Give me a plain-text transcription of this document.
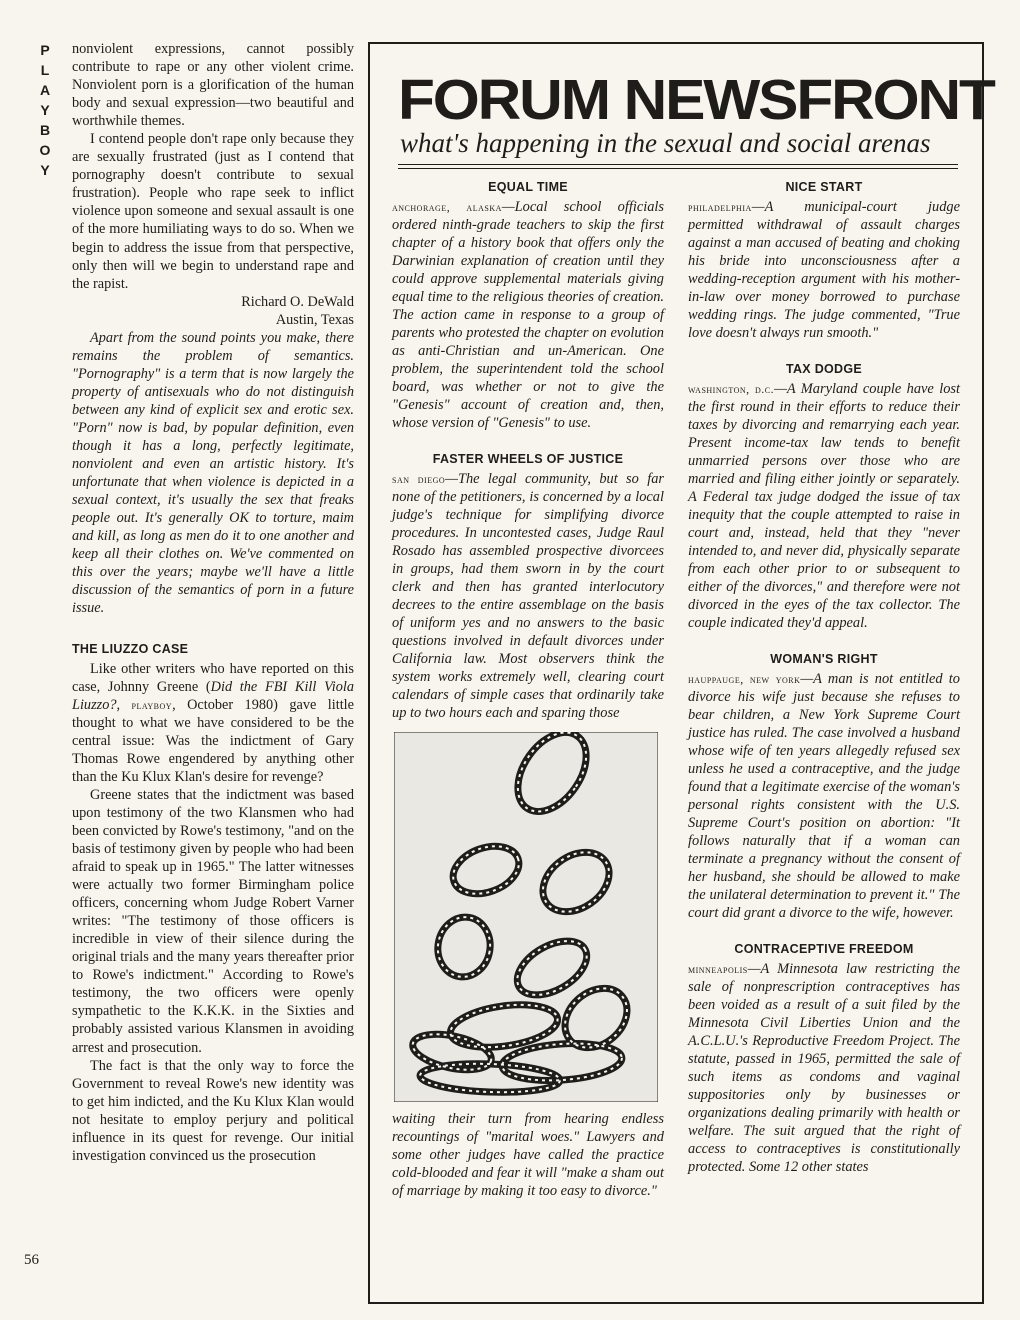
P
L
A
Y
B
O
Y
56

nonviolent expressions, cannot possibly contribute to rape or any other violent crime. Nonviolent porn is a glorification of the human body and sexual expression—two beautiful and worthwhile themes.

I contend people don't rape only because they are sexually frustrated (just as I contend that pornography doesn't contribute to sexual frustration). People who rape seek to inflict violence upon someone and sexual assault is one of the more humiliating ways to do so. When we begin to address the issue from that perspective, only then will we begin to understand rape and the rapist.

Richard O. DeWald

Austin, Texas

Apart from the sound points you make, there remains the problem of semantics. "Pornography" is a term that is now largely the property of antisexuals who do not distinguish between any kind of explicit sex and erotic sex. "Porn" now is bad, by popular definition, even though it has a long, perfectly legitimate, nonviolent and even an artistic history. It's unfortunate that when violence is depicted in a sexual context, it's usually the sex that freaks people out. It's generally OK to torture, maim and kill, as long as men do it to one another and keep all their clothes on. We've commented on this over the years; maybe we'll have a little discussion of the semantics of porn in a future issue.

THE LIUZZO CASE

Like other writers who have reported on this case, Johnny Greene (Did the FBI Kill Viola Liuzzo?, playboy, October 1980) gave little thought to what we have considered to be the central issue: Was the indictment of Gary Thomas Rowe engendered by anything other than the Ku Klux Klan's desire for revenge?

Greene states that the indictment was based upon testimony of the two Klansmen who had been convicted by Rowe's testimony, "and on the basis of testimony given by people who had been afraid to speak up in 1965." The latter witnesses were actually two former Birmingham police officers, concerning whom Judge Robert Varner writes: "The testimony of those officers is incredible in view of their silence during the original trials and the many years thereafter prior to Rowe's indictment." According to Rowe's testimony, the two officers were openly sympathetic to the K.K.K. in the Sixties and probably assisted various Klansmen in avoiding arrest and prosecution.

The fact is that the only way to force the Government to reveal Rowe's new identity was to get him indicted, and the Ku Klux Klan would not hesitate to employ perjury and political influence in its quest for revenge. Our initial investigation convinced us the prosecution

FORUM NEWSFRONT
what's happening in the sexual and social arenas
EQUAL TIME

anchorage, alaska—Local school officials ordered ninth-grade teachers to skip the first chapter of a history book that offers only the Darwinian explanation of creation until they could approve supplemental materials giving equal time to the religious theories of creation. The action came in response to a group of parents who protested the chapter on evolution as anti-Christian and un-American. One problem, the superintendent told the school board, was whether or not to give the "Genesis" account of creation and, then, whose version of "Genesis" to use.

FASTER WHEELS OF JUSTICE

san diego—The legal community, but so far none of the petitioners, is concerned by a local judge's technique for simplifying divorce procedures. In uncontested cases, Judge Raul Rosado has assembled prospective divorcees in groups, had them sworn in by the court clerk and then has granted interlocutory decrees to the entire assemblage on the basis of uniform yes and no answers to the basic questions involved in default divorces under California law. Most observers think the system works extremely well, clearing court calendars of simple cases that ordinarily take up to two hours each and sparing those

waiting their turn from hearing endless recountings of "marital woes." Lawyers and some other judges have called the practice cold-blooded and fear it will "make a sham out of marriage by making it too easy to divorce."

NICE START

philadelphia—A municipal-court judge permitted withdrawal of assault charges against a man accused of beating and choking his bride into unconsciousness after a wedding-reception argument with his mother-in-law over money borrowed to purchase wedding rings. The judge commented, "True love doesn't always run smooth."

TAX DODGE

washington, d.c.—A Maryland couple have lost the first round in their efforts to reduce their taxes by divorcing and remarrying each year. Present income-tax law tends to benefit unmarried persons over those who are married and filing either jointly or separately. A Federal tax judge dodged the issue of tax inequity that the couple attempted to raise in court and, instead, held that they "never intended to, and never did, physically separate from each other prior to or subsequent to either of the divorces," and therefore were not divorced in the eyes of the tax collector. The couple indicated they'd appeal.

WOMAN'S RIGHT

hauppauge, new york—A man is not entitled to divorce his wife just because she refuses to bear children, a New York Supreme Court justice has ruled. The case involved a husband whose wife of ten years allegedly refused sex unless he used a contraceptive, and the judge found that a legitimate exercise of the woman's personal rights consistent with the U.S. Supreme Court's position on abortion: "It follows naturally that if a woman can terminate a pregnancy without the consent of her husband, she should be allowed to make the unilateral determination to prevent it." The court did grant a divorce to the wife, however.

CONTRACEPTIVE FREEDOM

minneapolis—A Minnesota law restricting the sale of nonprescription contraceptives has been voided as a result of a suit filed by the Minnesota Civil Liberties Union and the A.C.L.U.'s Reproductive Freedom Project. The statute, passed in 1965, permitted the sale of such items as condoms and vaginal suppositories only by businesses or organizations dealing primarily with health or welfare. The suit argued that the right of access to contraceptives is constitutionally protected. Some 12 other states
